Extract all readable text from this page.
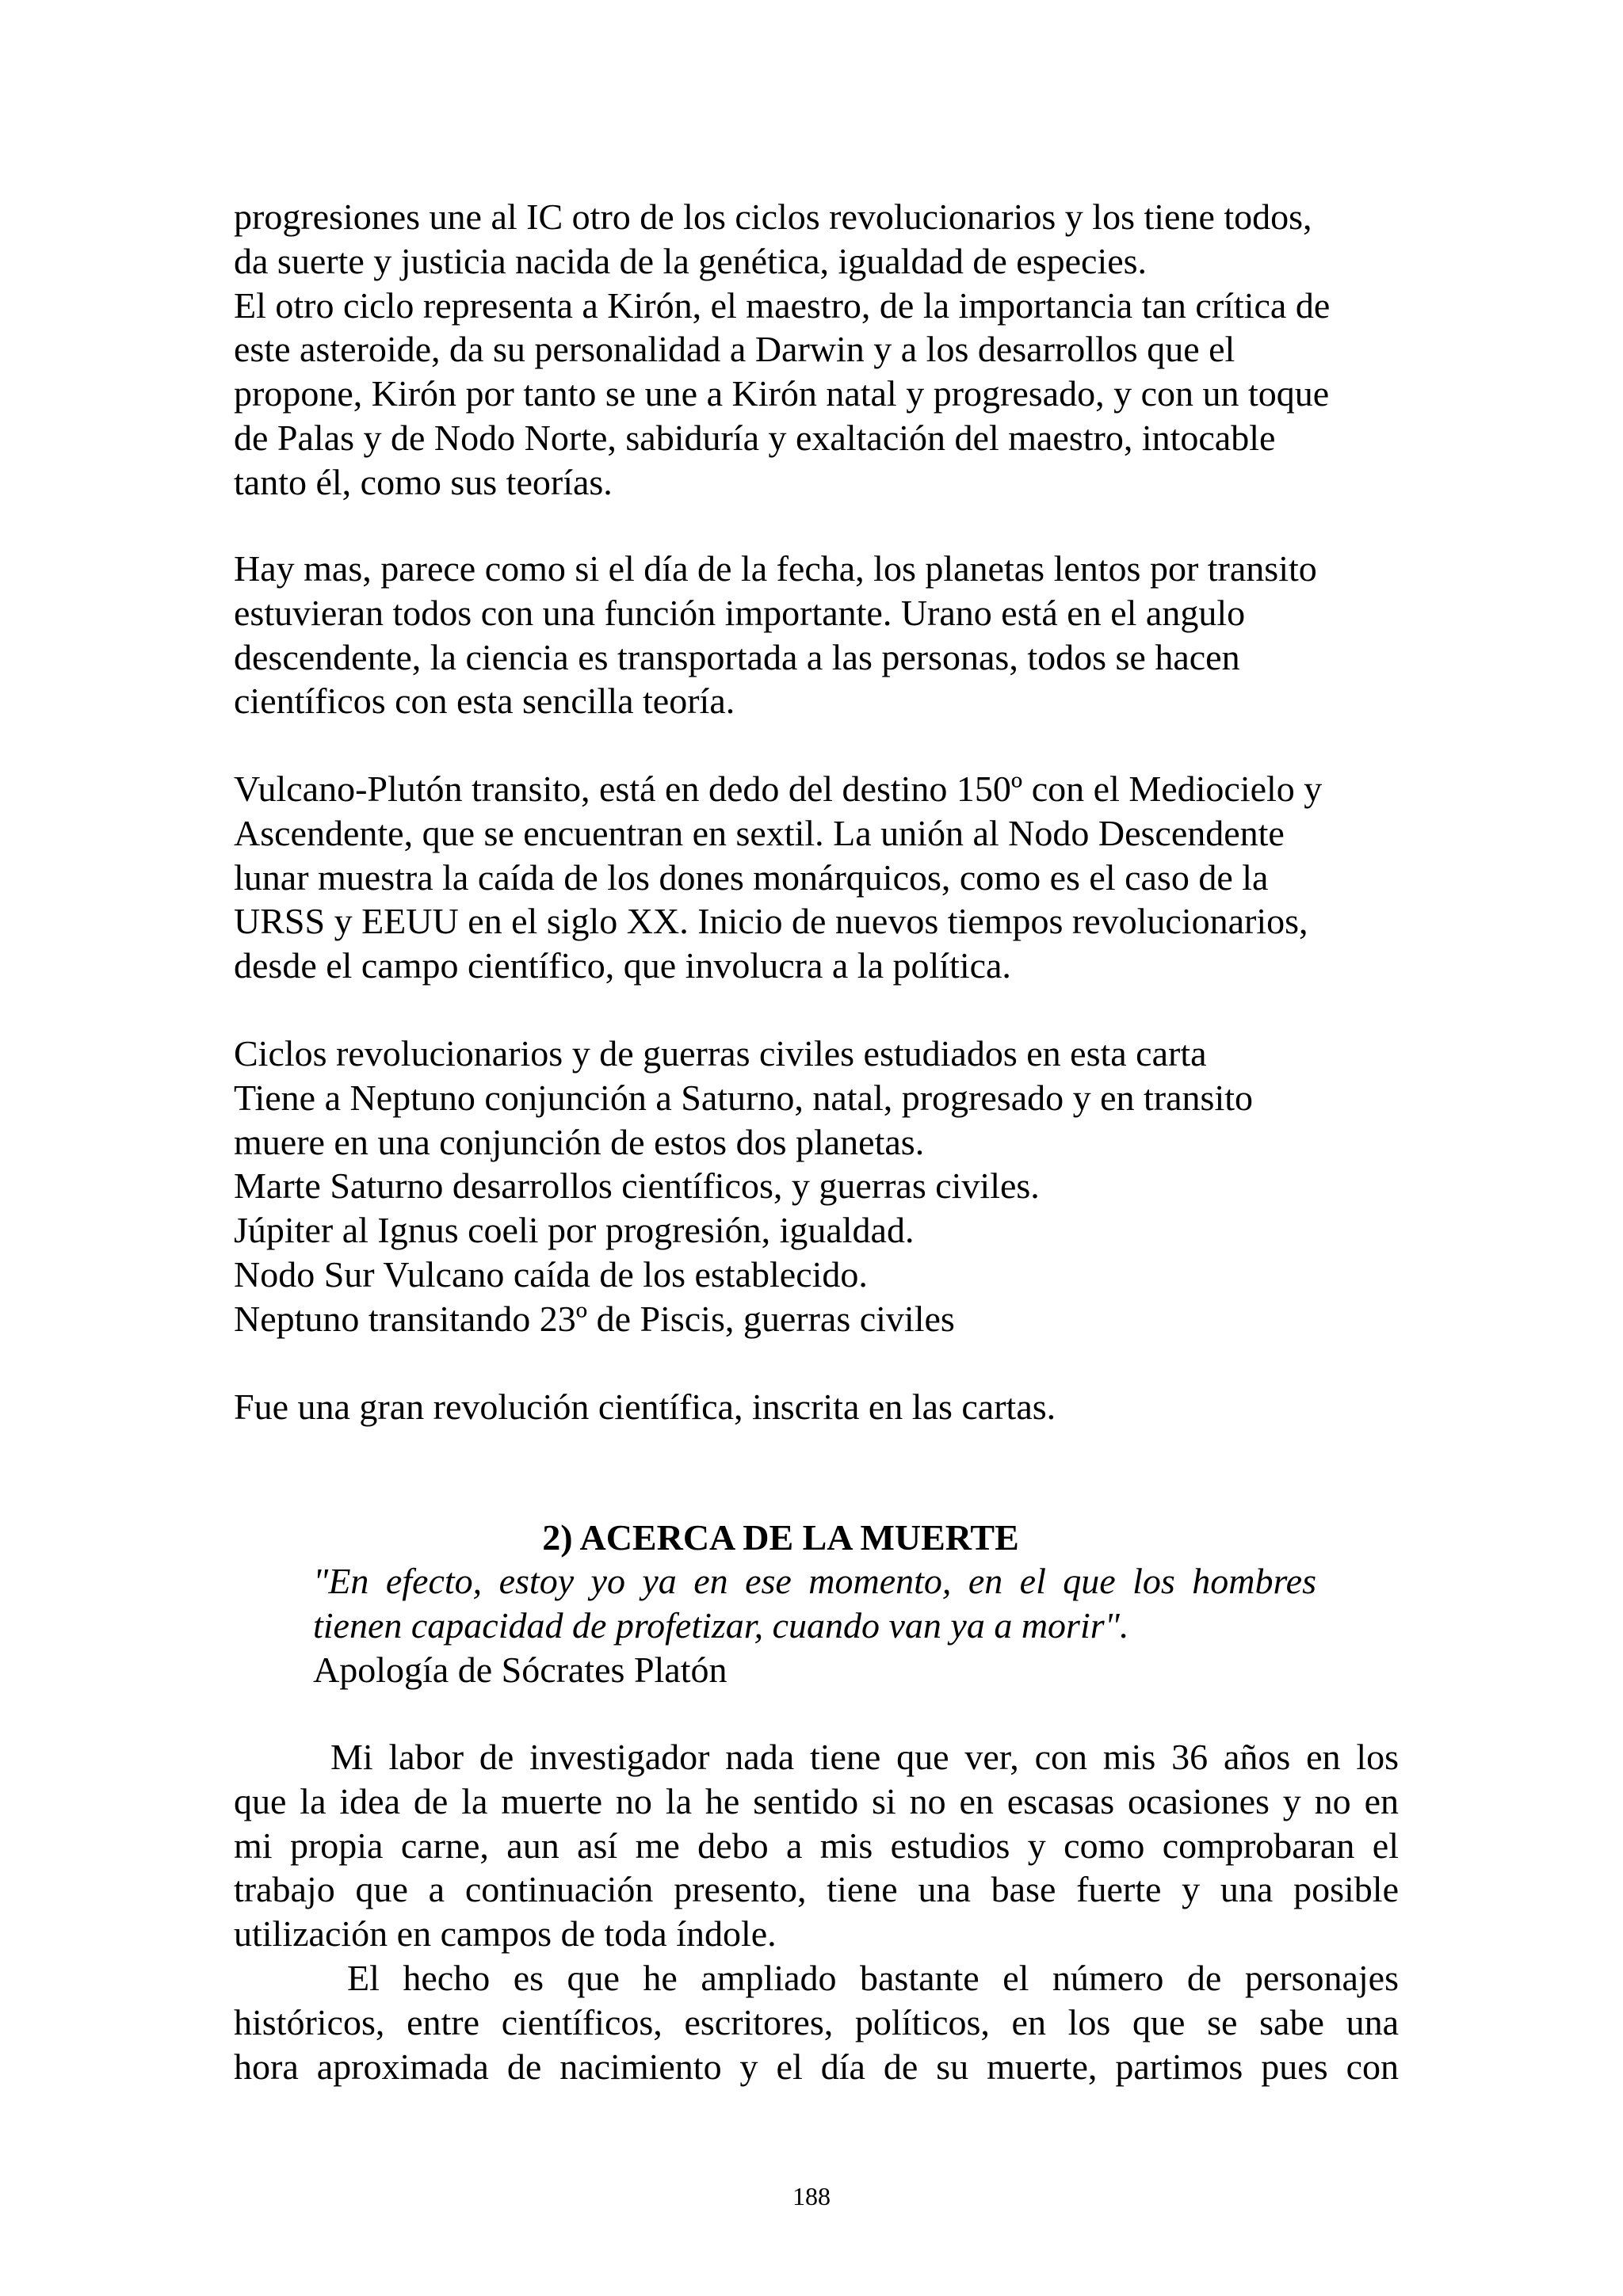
progresiones une al IC otro de los ciclos revolucionarios y los tiene todos,
da suerte y justicia nacida de la genética, igualdad de especies.
El otro ciclo representa a Kirón, el maestro, de la importancia tan crítica de
este asteroide, da su personalidad a Darwin y a los desarrollos que el
propone, Kirón por tanto se une a Kirón natal y progresado, y con un toque
de Palas y de Nodo Norte, sabiduría y exaltación del maestro, intocable
tanto él, como sus teorías.
Hay mas, parece como si el día de la fecha, los planetas lentos por transito
estuvieran todos con una función importante. Urano está en el angulo
descendente, la ciencia es transportada a las personas, todos se hacen
científicos con esta sencilla teoría.
Vulcano-Plutón transito, está en dedo del destino 150º con el Mediocielo y
Ascendente, que se encuentran en sextil. La unión al Nodo Descendente
lunar muestra la caída de los dones monárquicos, como es el caso de la
URSS y EEUU en el siglo XX. Inicio de nuevos tiempos revolucionarios,
desde el campo científico, que involucra a la política.
Ciclos revolucionarios y de guerras civiles estudiados en esta carta
Tiene a Neptuno conjunción a Saturno, natal, progresado y en transito
muere en una conjunción de estos dos planetas.
Marte Saturno desarrollos científicos, y guerras civiles.
Júpiter al Ignus coeli por progresión, igualdad.
Nodo Sur Vulcano caída de los establecido.
Neptuno transitando 23º de Piscis, guerras civiles
Fue una gran revolución científica, inscrita en las cartas.
2) ACERCA DE LA MUERTE
"En efecto, estoy yo ya en ese momento, en el que los hombres
tienen capacidad de profetizar, cuando van ya a morir".
Apología de Sócrates Platón
Mi labor de investigador nada tiene que ver, con mis 36 años en los
que la idea de la muerte no la he sentido si no en escasas ocasiones y no en
mi propia carne, aun así me debo a mis estudios y como comprobaran el
trabajo que a continuación presento, tiene una base fuerte y una posible
utilización en campos de toda índole.
El hecho es que he ampliado bastante el número de personajes
históricos, entre científicos, escritores, políticos, en los que se sabe una
hora aproximada de nacimiento y el día de su muerte, partimos pues con
188
